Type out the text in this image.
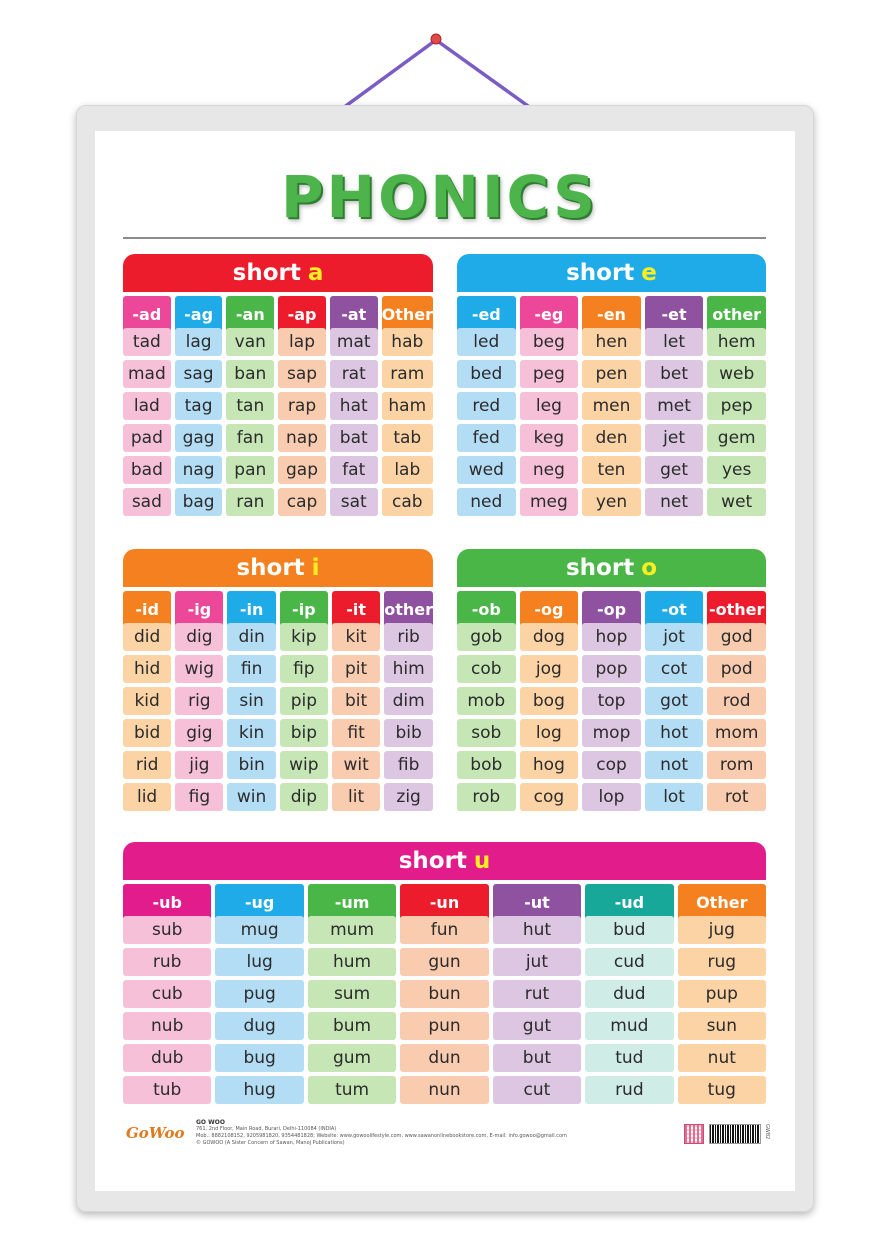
PHONICS
short a
-ad	-ag	-an	-ap	-at Other
tad	lag	van	lap	mat	hab
mad	sag	ban	sap	rat	ram
lad	tag	tan	rap	hat	ham
pad	gag	fan	nap	bat	tab
bad	nag	pan	gap	fat	lab
sad	bag	ran	cap	sat	cab
short e
-ed	-eg	-en	-et	other
led	beg	hen	let	hem
bed	peg	pen	bet	web
red	leg	men	met	pep
fed	keg	den	jet	gem
wed	neg	ten	get	yes
ned	meg	yen	net	wet
short i
-id	-ig	-in	-ip	-it	other
did	dig	din	kip	kit	rib
hid	wig	fin	fip	pit	him
kid	rig	sin	pip	bit	dim
bid	gig	kin	bip	fit	bib
rid	jig	bin	wip	wit	fib
lid	fig	win	dip	lit	zig
short o
-ob	-og	-op	-ot	-other
gob	dog	hop	jot	god
cob	jog	pop	cot	pod
mob	bog	top	got	rod
sob	log	mop	hot	mom
bob	hog	cop	not	rom
rob	cog	lop	lot	rot
short u
-ub	-ug	-um	-un	-ut	-ud	Other
sub	mug	mum	fun	hut	bud	jug
rub	lug	hum	gun	jut	cud	rug
cub	pug	sum	bun	rut	dud	pup
nub	dug	bum	pun	gut	mud	sun
dub	bug	gum	dun	but	tud	nut
tub	hug	tum	nun	cut	rud	tug
GoWoo
GO WOO
761, 2nd Floor, Main Road, Burari, Delhi-110084 (INDIA)
Mob.: 8882108152, 9205981820, 9354481828; Website: www.gowoolifestyle.com, www.sawanonlinebookstore.com, E-mail: info.gowoo@gmail.com
© GOWOO (A Sister Concern of Sawan, Manoj Publications)
GW82
